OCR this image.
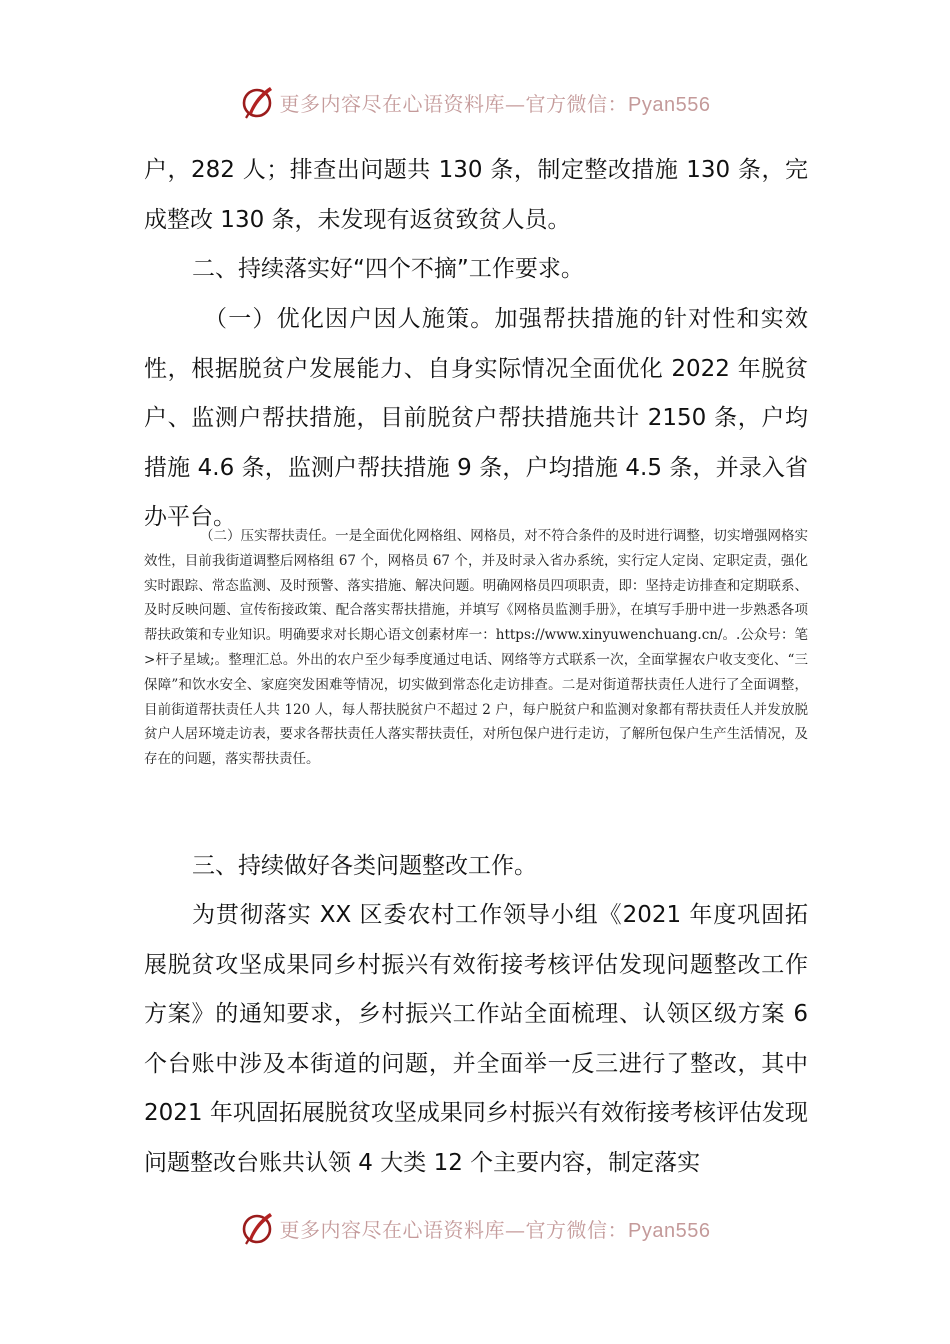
更多内容尽在心语资料库—官方微信：Pyan556

户，282 人；排查出问题共 130 条，制定整改措施 130 条，完成整改 130 条，未发现有返贫致贫人员。

二、持续落实好“四个不摘”工作要求。

（一）优化因户因人施策。加强帮扶措施的针对性和实效性，根据脱贫户发展能力、自身实际情况全面优化 2022 年脱贫户、监测户帮扶措施，目前脱贫户帮扶措施共计 2150 条，户均措施 4.6 条，监测户帮扶措施 9 条，户均措施 4.5 条，并录入省办平台。

（二）压实帮扶责任。一是全面优化网格组、网格员，对不符合条件的及时进行调整，切实增强网格实效性，目前我街道调整后网格组 67 个，网格员 67 个，并及时录入省办系统，实行定人定岗、定职定责，强化实时跟踪、常态监测、及时预警、落实措施、解决问题。明确网格员四项职责，即：坚持走访排查和定期联系、及时反映问题、宣传衔接政策、配合落实帮扶措施，并填写《网格员监测手册》，在填写手册中进一步熟悉各项帮扶政策和专业知识。明确要求对长期心语文创素材库一：https://www.xinyuwenchuang.cn/。.公众号：笔>杆子星域;。整理汇总。外出的农户至少每季度通过电话、网络等方式联系一次，全面掌握农户收支变化、“三保障”和饮水安全、家庭突发困难等情况，切实做到常态化走访排查。二是对街道帮扶责任人进行了全面调整，目前街道帮扶责任人共 120 人，每人帮扶脱贫户不超过 2 户，每户脱贫户和监测对象都有帮扶责任人并发放脱贫户人居环境走访表，要求各帮扶责任人落实帮扶责任，对所包保户进行走访，了解所包保户生产生活情况，及存在的问题，落实帮扶责任。

三、持续做好各类问题整改工作。

为贯彻落实 XX 区委农村工作领导小组《2021 年度巩固拓展脱贫攻坚成果同乡村振兴有效衔接考核评估发现问题整改工作方案》的通知要求，乡村振兴工作站全面梳理、认领区级方案 6 个台账中涉及本街道的问题，并全面举一反三进行了整改，其中 2021 年巩固拓展脱贫攻坚成果同乡村振兴有效衔接考核评估发现问题整改台账共认领 4 大类 12 个主要内容，制定落实

更多内容尽在心语资料库—官方微信：Pyan556
